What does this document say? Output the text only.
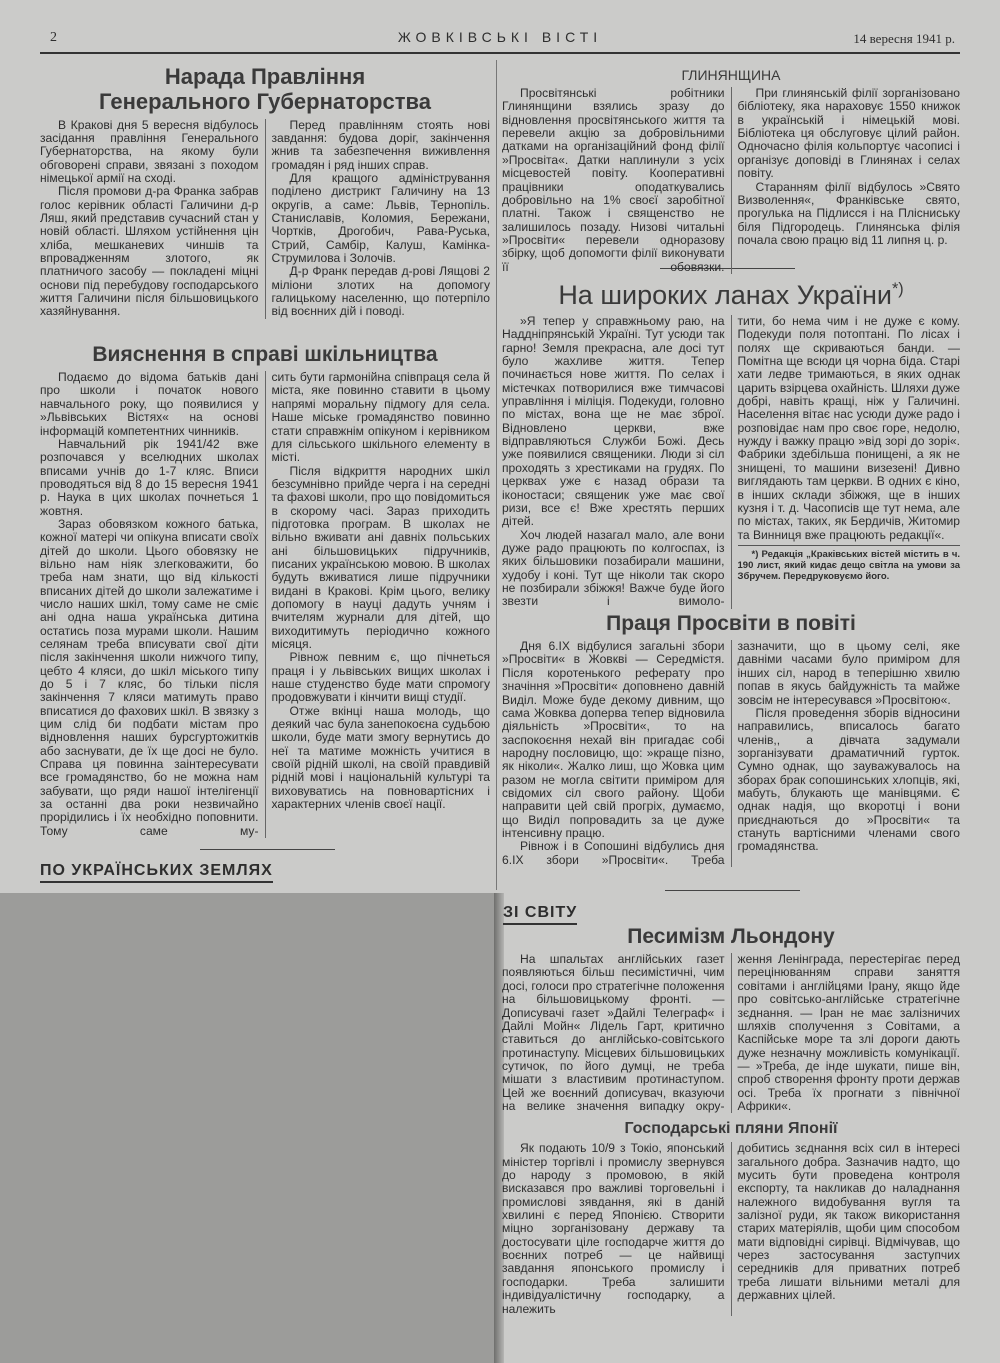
2	ЖОВКІВСЬКІ ВІСТІ	14 вересня 1941 р.
ПО УКРАЇНСЬКИХ ЗЕМЛЯХ
ЗІ СВІТУ
Нарада Правління
Генерального Губернаторства

В Кракові дня 5 вересня відбулось засідання правління Генерального Губернаторства, на якому були обговорені справи, звязані з походом німецької армії на сході.

Після промови д-ра Франка забрав голос керівник області Галичини д-р Ляш, який представив сучасний стан у новій області. Шляхом устійнення цін хліба, мешканевих чиншів та впровадженням злотого, як платничого засобу — покладені міцні основи під перебудову господарського життя Галичини після більшовицького хазяйнування.

Перед правлінням стоять нові завдання: будова доріг, закінчення жнив та забезпечення виживлення громадян і ряд інших справ.

Для кращого адміністрування поділено дистрикт Галичину на 13 округів, а саме: Львів, Тернопіль. Станиславів, Коломия, Бережани, Чортків, Дрогобич, Рава-Руська, Стрий, Самбір, Калуш, Камінка-Струмилова і Золочів.

Д-р Франк передав д-рові Лящові 2 міліони злотих на допомогу галицькому населенню, що потерпіло від воєнних дій і поводі.

Вияснення в справі шкільництва

Подаємо до відома батьків дані про школи і початок нового навчального року, що появилися у »Львівських Вістях« на основі інформацій компетентних чинників.

Навчальний рік 1941/42 вже розпочався у вселюдних школах вписами учнів до 1-7 кляс. Вписи проводяться від 8 до 15 вересня 1941 р. Наука в цих школах почнеться 1 жовтня.

Зараз обовязком кожного батька, кожної матері чи опікуна вписати своїх дітей до школи. Цього обовязку не вільно нам ніяк злегковажити, бо треба нам знати, що від кількості вписаних дітей до школи залежатиме і число наших шкіл, тому саме не сміє ані одна наша українська дитина остатись поза мурами школи. Нашим селянам треба вписувати свої діти після закінчення школи нижчого типу, цебто 4 кляси, до шкіл міського типу до 5 і 7 кляс, бо тільки після закінчення 7 кляси матимуть право вписатися до фахових шкіл. В звязку з цим слід би подбати містам про відновлення наших бурсгуртожитків або заснувати, де їх ще досі не було. Справа ця повинна заінтересувати все громадянство, бо не можна нам забувати, що ряди нашої інтелігенції за останні два роки незвичайно прорідились і їх необхідно поповнити. Тому саме му-

сить бути гармонійна співпраця села й міста, яке повинно ставити в цьому напрямі моральну підмогу для села. Наше міське громадянство повинно стати справжнім опікуном і керівником для сільського шкільного елементу в місті.

Після відкриття народних шкіл безсумнівно прийде черга і на середні та фахові школи, про що повідомиться в скорому часі. Зараз приходить підготовка програм. В школах не вільно вживати ані давніх польських ані більшовицьких підручників, писаних українською мовою. В школах будуть вживатися лише підручники видані в Кракові. Крім цього, велику допомогу в науці дадуть учням і вчителям журнали для дітей, що виходитимуть періодично кожного місяця.

Рівнож певним є, що пічнеться праця і у львівських вищих школах і наше студенство буде мати спромогу продовжувати і кінчити вищі студії.

Отже вкінці наша молодь, що деякий час була занепокоєна судьбою школи, буде мати змогу вернутись до неї та матиме можність учитися в своїй рідній школі, на своїй правдивій рідній мові і національній культурі та виховуватись на повновартісних і характерних членів своєї нації.

ГЛИНЯНЩИНА

Просвітянські робітники Глинянщини взялись зразу до відновлення просвітянського життя та перевели акцію за добровільними датками на організаційний фонд філії »Просвіта«. Датки наплинули з усіх місцевостей повіту. Кооперативні працівники оподаткувались добровільно на 1% своєї заробітної платні. Також і священство не залишилось позаду. Низові читальні »Просвіти« перевели одноразову збірку, щоб допомогти філії виконувати її обовязки.

При глинянській філії зорганізовано бібліотеку, яка нараховує 1550 книжок в українській і німецькій мові. Бібліотека ця обслуговує цілий район. Одночасно філія кольпортує часописі і організує доповіді в Глинянах і селах повіту.

Старанням філії відбулось »Свято Визволення«, Франківське свято, прогулька на Підлисся і на Плісниську біля Підгородець. Глинянська філія почала свою працю від 11 липня ц. р.

На широких ланах України*)

»Я тепер у справжньому раю, на Наддніпрянській Україні. Тут усюди так гарно! Земля прекрасна, але досі тут було жахливе життя. Тепер починається нове життя. По селах і містечках потворилися вже тимчасові управління і міліція. Подекуди, головно по містах, вона ще не має зброї. Відновлено церкви, вже відправляються Служби Божі. Десь уже появилися священики. Люди зі сіл проходять з хрестиками на грудях. По церквах уже є назад образи та іконостаси; священик уже має свої ризи, все є! Вже хрестять перших дітей.

Хоч людей назагал мало, але вони дуже радо працюють по колгоспах, із яких більшовики позабирали машини, худобу і коні. Тут ще ніколи так скоро не позбирали збіжжя! Важче буде його звезти і вимоло-

тити, бо нема чим і не дуже є кому. Подекуди поля потоптані. По лісах і полях ще скриваються банди. — Помітна ще всюди ця чорна біда. Старі хати ледве тримаються, в яких однак царить взірцева охайність. Шляхи дуже добрі, навіть кращі, ніж у Галичині. Населення вітає нас усюди дуже радо і розповідає нам про своє горе, недолю, нужду і важку працю »від зорі до зорі«. Фабрики здебільша понищені, а як не знищені, то машини визезені! Дивно виглядають там церкви. В одних є кіно, в інших склади збіжжя, ще в інших кузня і т. д. Часописів ще тут нема, але по містах, таких, як Бердичів, Житомир та Винниця вже працюють редакції«.

*) Редакція „Краківських вістей містить в ч. 190 лист, який кидає дещо світла на умови за Збручем. Передруковуємо його.
Праця Просвіти в повіті

Дня 6.IX відбулися загальні збори »Просвіти« в Жовкві — Середмістя. Після коротенького реферату про значіння »Просвіти« доповнено давній Виділ. Може буде декому дивним, що сама Жовква доперва тепер відновила діяльність »Просвіти«, то на заспокоєння нехай він пригадає собі народну пословицю, що: »краще пізно, як ніколи«. Жалко лиш, що Жовка цим разом не могла світити приміром для свідомих сіл свого району. Щоби направити цей свій прогріх, думаємо, що Виділ попровадить за це дуже інтенсивну працю.

Рівнож і в Сопошині відбулись дня 6.IX збори »Просвіти«. Треба

зазначити, що в цьому селі, яке давніми часами було приміром для інших сіл, народ в теперішню хвилю попав в якусь байдужність та майже зовсім не інтересувався »Просвітою«.

Після проведення зборів відносини направились, вписалось багато членів,, а дівчата задумали зорганізувати драматичний гурток. Сумно однак, що зауважувалось на зборах брак сопошинських хлопців, які, мабуть, блукають ще манівцями. Є однак надія, що вкоротці і вони приєднаються до »Просвіти« та стануть вартісними членами свого громадянства.

Песимізм Льондону

На шпальтах англійських газет появляються більш песимістичні, чим досі, голоси про стратегічне положення на більшовицькому фронті. —Дописувачі газет »Дайлі Телеграф« і Дайлі Мойн« Лідель Гарт, критично ставиться до англійсько-совітського протинаступу. Місцевих більшовицьких сутичок, по його думці, не треба мішати з властивим протинаступом. Цей же воєнний дописувач, вказуючи на велике значення випадку окру-

ження Ленінграда, перестерігає перед перецінюванням справи заняття совітами і англійцями Ірану, якщо йде про совітсько-англійське стратегічне зєднання. — Іран не має залізничих шляхів сполучення з Совітами, а Каспійське море та злі дороги дають дуже незначну можливість комунікації. — »Треба, де інде шукати, пише він, спроб створення фронту проти держав осі. Треба їх прогнати з північної Африки«.

Господарські пляни Японії

Як подають 10/9 з Токіо, японський міністер торгівлі і промислу звернувся до народу з промовою, в якій висказався про важливі торговельні і промислові зявдання, які в даній хвилині є перед Японією. Створити міцно зорганізовану державу та достосувати ціле господарче життя до воєнних потреб — це найвищі завдання японського промислу і господарки. Треба залишити індивідуалістичну господарку, а належить

добитись зєднання всіх сил в інтересі загального добра. Зазначив надто, що мусить бути проведена контроля експорту, та накликав до наладнання належного видобування вугля та залізної руди, як також використання старих матеріялів, щоби цим способом мати відповідні сирівці. Відмічував, що через застосування заступчих середників для приватних потреб треба лишати вільними металі для державних цілей.
